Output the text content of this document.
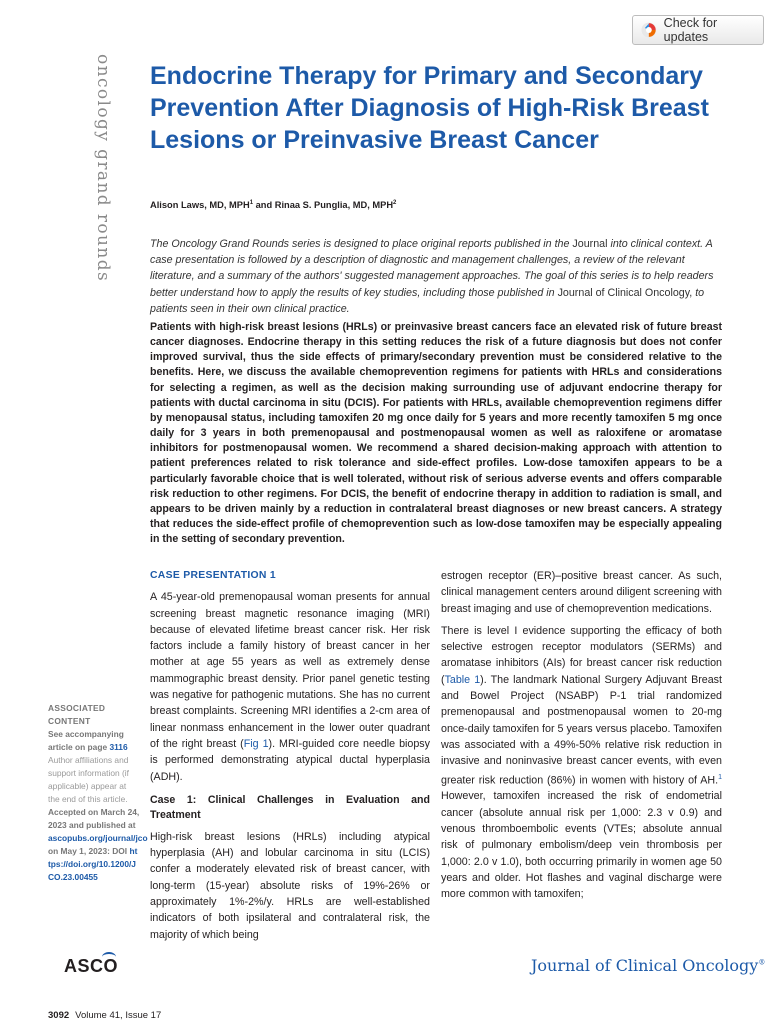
oncology grand rounds
Check for updates
Endocrine Therapy for Primary and Secondary Prevention After Diagnosis of High-Risk Breast Lesions or Preinvasive Breast Cancer
Alison Laws, MD, MPH$^1$ and Rinaa S. Punglia, MD, MPH$^2$

The Oncology Grand Rounds series is designed to place original reports published in the Journal into clinical context. A case presentation is followed by a description of diagnostic and management challenges, a review of the relevant literature, and a summary of the authors' suggested management approaches. The goal of this series is to help readers better understand how to apply the results of key studies, including those published in Journal of Clinical Oncology, to patients seen in their own clinical practice.

Patients with high-risk breast lesions (HRLs) or preinvasive breast cancers face an elevated risk of future breast cancer diagnoses. Endocrine therapy in this setting reduces the risk of a future diagnosis but does not confer improved survival, thus the side effects of primary/secondary prevention must be considered relative to the benefits. Here, we discuss the available chemoprevention regimens for patients with HRLs and considerations for selecting a regimen, as well as the decision making surrounding use of adjuvant endocrine therapy for patients with ductal carcinoma in situ (DCIS). For patients with HRLs, available chemoprevention regimens differ by menopausal status, including tamoxifen 20 mg once daily for 5 years and more recently tamoxifen 5 mg once daily for 3 years in both premenopausal and postmenopausal women as well as raloxifene or aromatase inhibitors for postmenopausal women. We recommend a shared decision-making approach with attention to patient preferences related to risk tolerance and side-effect profiles. Low-dose tamoxifen appears to be a particularly favorable choice that is well tolerated, without risk of serious adverse events and offers comparable risk reduction to other regimens. For DCIS, the benefit of endocrine therapy in addition to radiation is small, and appears to be driven mainly by a reduction in contralateral breast diagnoses or new breast cancers. A strategy that reduces the side-effect profile of chemoprevention such as low-dose tamoxifen may be especially appealing in the setting of secondary prevention.

CASE PRESENTATION 1

A 45-year-old premenopausal woman presents for annual screening breast magnetic resonance imaging (MRI) because of elevated lifetime breast cancer risk. Her risk factors include a family history of breast cancer in her mother at age 55 years as well as extremely dense mammographic breast density. Prior panel genetic testing was negative for pathogenic mutations. She has no current breast complaints. Screening MRI identifies a 2-cm area of linear nonmass enhancement in the lower outer quadrant of the right breast (Fig 1). MRI-guided core needle biopsy is performed demonstrating atypical ductal hyperplasia (ADH).

Case 1: Clinical Challenges in Evaluation and Treatment

High-risk breast lesions (HRLs) including atypical hyperplasia (AH) and lobular carcinoma in situ (LCIS) confer a moderately elevated risk of breast cancer, with long-term (15-year) absolute risks of 19%-26% or approximately 1%-2%/y. HRLs are well-established indicators of both ipsilateral and contralateral risk, the majority of which being

estrogen receptor (ER)–positive breast cancer. As such, clinical management centers around diligent screening with breast imaging and use of chemoprevention medications.

There is level I evidence supporting the efficacy of both selective estrogen receptor modulators (SERMs) and aromatase inhibitors (AIs) for breast cancer risk reduction (Table 1). The landmark National Surgery Adjuvant Breast and Bowel Project (NSABP) P-1 trial randomized premenopausal and postmenopausal women to 20-mg once-daily tamoxifen for 5 years versus placebo. Tamoxifen was associated with a 49%-50% relative risk reduction in invasive and noninvasive breast cancer events, with even greater risk reduction (86%) in women with history of AH.$^1$ However, tamoxifen increased the risk of endometrial cancer (absolute annual risk per 1,000: 2.3 v 0.9) and venous thromboembolic events (VTEs; absolute annual risk of pulmonary embolism/deep vein thrombosis per 1,000: 2.0 v 1.0), both occurring primarily in women age 50 years and older. Hot flashes and vaginal discharge were more common with tamoxifen;

ASSOCIATED CONTENT
See accompanying article on page 3116
Author affiliations and support information (if applicable) appear at the end of this article.
Accepted on March 24, 2023 and published at ascopubs.org/journal/jco on May 1, 2023: DOI https://doi.org/10.1200/JCO.23.00455
ASCO	Journal of Clinical Oncology®
3092 Volume 41, Issue 17
